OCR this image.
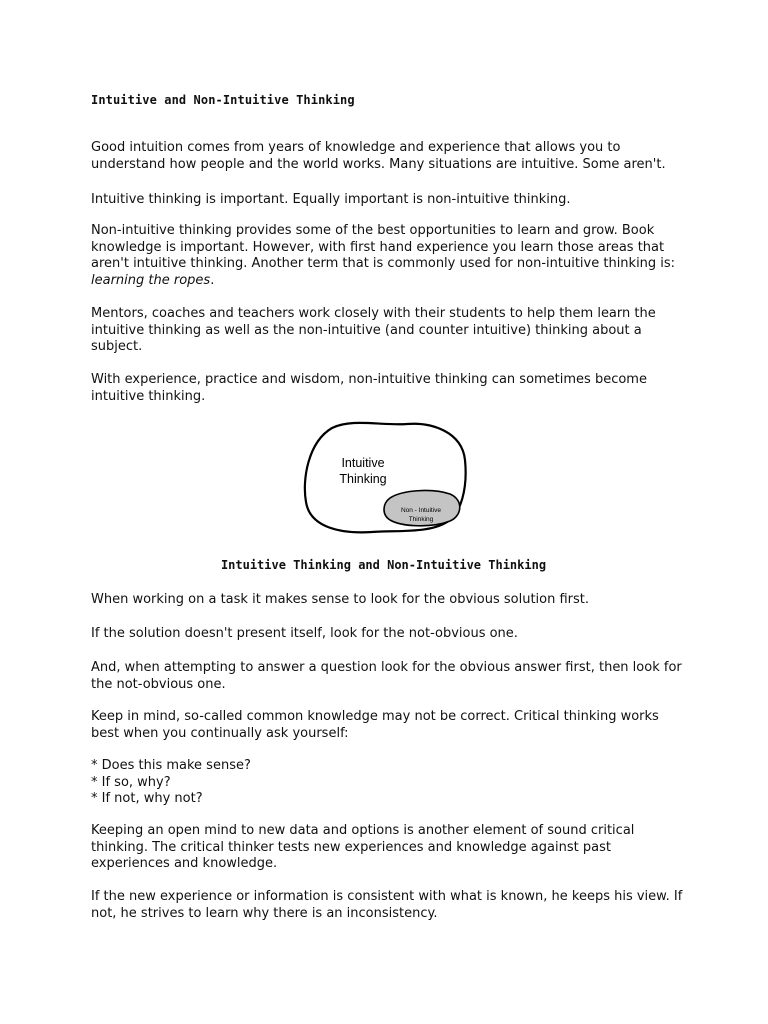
Intuitive and Non-Intuitive Thinking

Good intuition comes from years of knowledge and experience that allows you to understand how people and the world works. Many situations are intuitive. Some aren't.

Intuitive thinking is important. Equally important is non-intuitive thinking.

Non-intuitive thinking provides some of the best opportunities to learn and grow. Book knowledge is important. However, with first hand experience you learn those areas that aren't intuitive thinking. Another term that is commonly used for non-intuitive thinking is: learning the ropes.

Mentors, coaches and teachers work closely with their students to help them learn the intuitive thinking as well as the non-intuitive (and counter intuitive) thinking about a subject.

With experience, practice and wisdom, non-intuitive thinking can sometimes become intuitive thinking.

Intuitive
Thinking
Non - Intuitive
Thinking
Intuitive Thinking and Non-Intuitive Thinking

When working on a task it makes sense to look for the obvious solution first.

If the solution doesn't present itself, look for the not-obvious one.

And, when attempting to answer a question look for the obvious answer first, then look for the not-obvious one.

Keep in mind, so-called common knowledge may not be correct. Critical thinking works best when you continually ask yourself:

* Does this make sense?
* If so, why?
* If not, why not?

Keeping an open mind to new data and options is another element of sound critical thinking. The critical thinker tests new experiences and knowledge against past experiences and knowledge.

If the new experience or information is consistent with what is known, he keeps his view. If not, he strives to learn why there is an inconsistency.
